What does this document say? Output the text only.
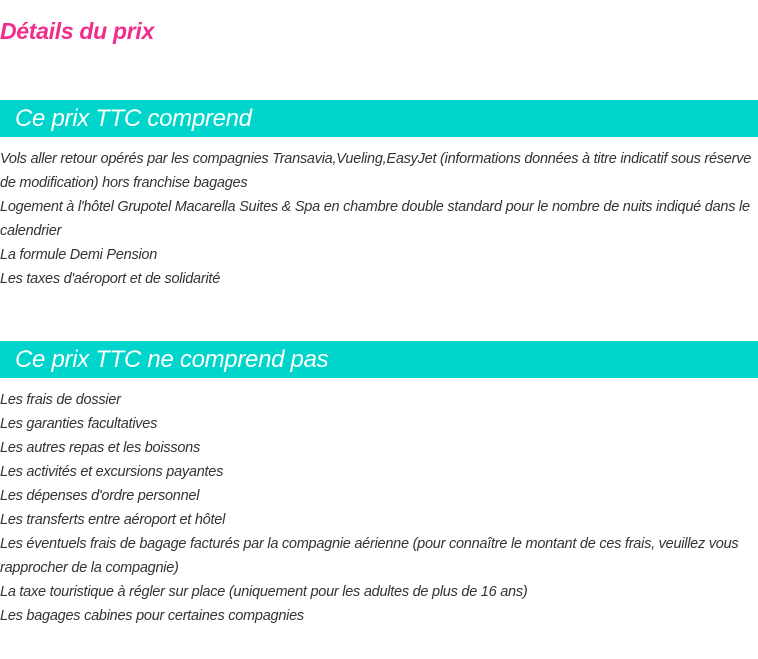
Détails du prix
Ce prix TTC comprend
Vols aller retour opérés par les compagnies Transavia,Vueling,EasyJet (informations données à titre indicatif sous réserve de modification) hors franchise bagages
Logement à l'hôtel Grupotel Macarella Suites & Spa en chambre double standard pour le nombre de nuits indiqué dans le calendrier
La formule Demi Pension
Les taxes d'aéroport et de solidarité
Ce prix TTC ne comprend pas
Les frais de dossier
Les garanties facultatives
Les autres repas et les boissons
Les activités et excursions payantes
Les dépenses d'ordre personnel
Les transferts entre aéroport et hôtel
Les éventuels frais de bagage facturés par la compagnie aérienne (pour connaître le montant de ces frais, veuillez vous rapprocher de la compagnie)
La taxe touristique à régler sur place (uniquement pour les adultes de plus de 16 ans)
Les bagages cabines pour certaines compagnies
